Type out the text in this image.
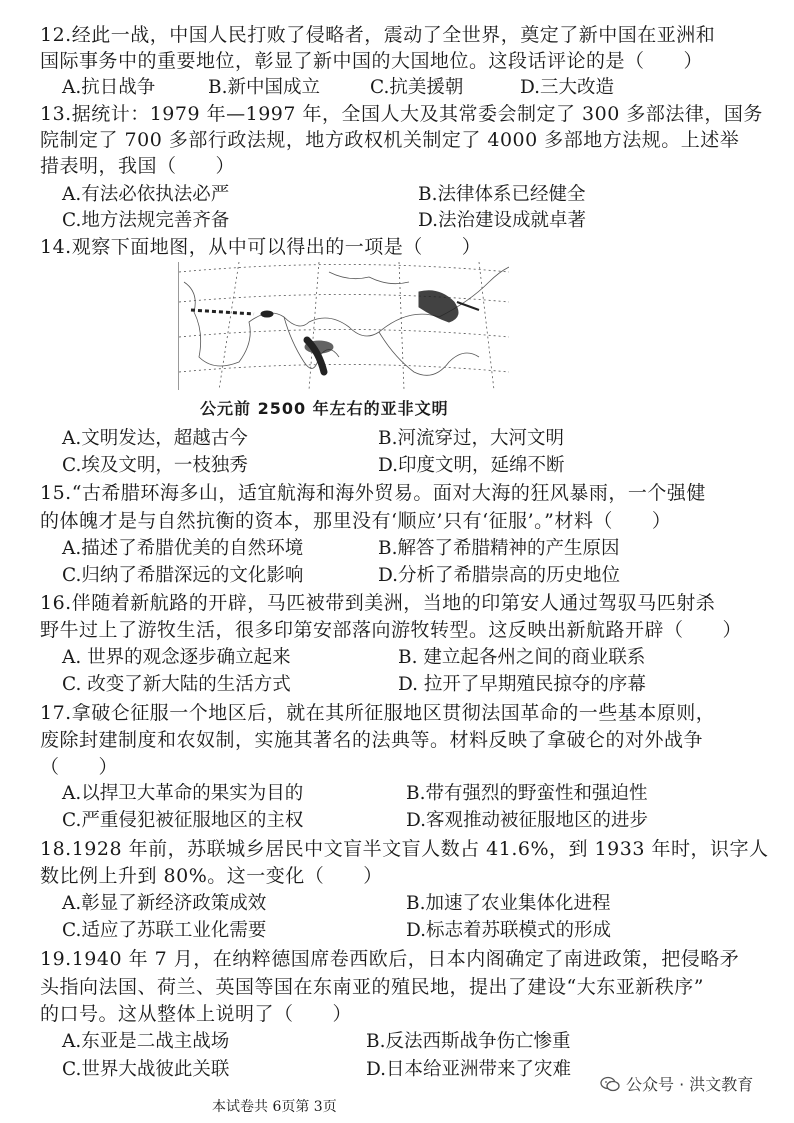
12.经此一战，中国人民打败了侵略者，震动了全世界，奠定了新中国在亚洲和
国际事务中的重要地位，彰显了新中国的大国地位。这段话评论的是（　　）
A.抗日战争	B.新中国成立	C.抗美援朝	D.三大改造
13.据统计：1979 年—1997 年，全国人大及其常委会制定了 300 多部法律，国务
院制定了 700 多部行政法规，地方政权机关制定了 4000 多部地方法规。上述举
措表明，我国（　　）
A.有法必依执法必严	B.法律体系已经健全
C.地方法规完善齐备	D.法治建设成就卓著
14.观察下面地图，从中可以得出的一项是（　　）
公元前 2500 年左右的亚非文明
A.文明发达，超越古今	B.河流穿过，大河文明
C.埃及文明，一枝独秀	D.印度文明，延绵不断
15.“古希腊环海多山，适宜航海和海外贸易。面对大海的狂风暴雨，一个强健
的体魄才是与自然抗衡的资本，那里没有‘顺应’只有‘征服’。”材料（　　）
A.描述了希腊优美的自然环境	B.解答了希腊精神的产生原因
C.归纳了希腊深远的文化影响	D.分析了希腊崇高的历史地位
16.伴随着新航路的开辟，马匹被带到美洲，当地的印第安人通过驾驭马匹射杀
野牛过上了游牧生活，很多印第安部落向游牧转型。这反映出新航路开辟（　　）
A. 世界的观念逐步确立起来	B. 建立起各州之间的商业联系
C. 改变了新大陆的生活方式	D. 拉开了早期殖民掠夺的序幕
17.拿破仑征服一个地区后，就在其所征服地区贯彻法国革命的一些基本原则，
废除封建制度和农奴制，实施其著名的法典等。材料反映了拿破仑的对外战争
（　　）
A.以捍卫大革命的果实为目的	B.带有强烈的野蛮性和强迫性
C.严重侵犯被征服地区的主权	D.客观推动被征服地区的进步
18.1928 年前，苏联城乡居民中文盲半文盲人数占 41.6%，到 1933 年时，识字人
数比例上升到 80%。这一变化（　　）
A.彰显了新经济政策成效	B.加速了农业集体化进程
C.适应了苏联工业化需要	D.标志着苏联模式的形成
19.1940 年 7 月，在纳粹德国席卷西欧后，日本内阁确定了南进政策，把侵略矛
头指向法国、荷兰、英国等国在东南亚的殖民地，提出了建设“大东亚新秩序”
的口号。这从整体上说明了（　　）
A.东亚是二战主战场	B.反法西斯战争伤亡惨重
C.世界大战彼此关联	D.日本给亚洲带来了灾难
本试卷共 6页第 3页
公众号 · 洪文教育
